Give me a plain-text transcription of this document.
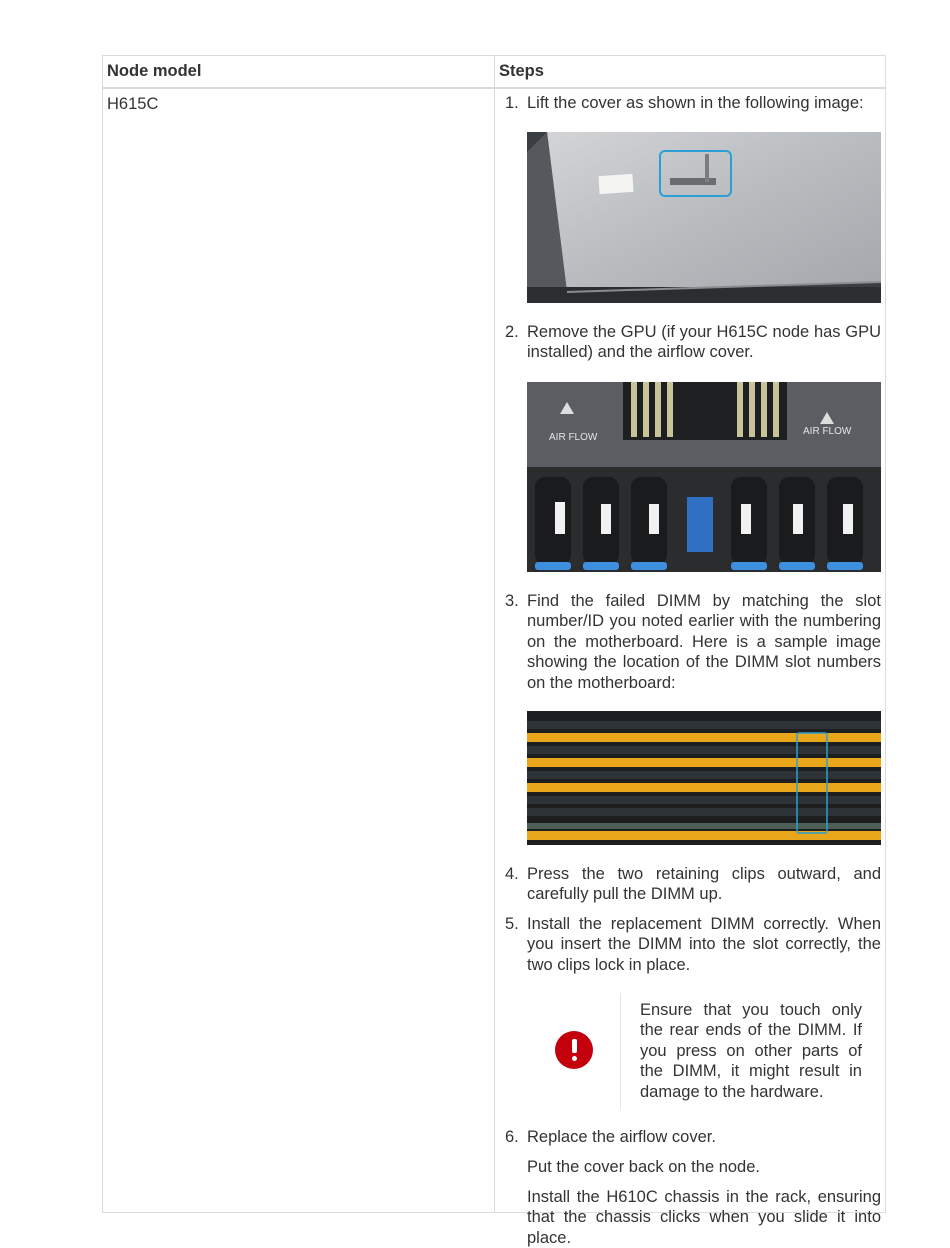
Node model	Steps
H615C	1. Lift the cover as shown in the following image:
2. Remove the GPU (if your H615C node has GPU installed) and the airflow cover.
AIR FLOW
AIR FLOW
3. Find the failed DIMM by matching the slot number/ID you noted earlier with the numbering on the motherboard. Here is a sample image showing the location of the DIMM slot numbers on the motherboard:
4. Press the two retaining clips outward, and carefully pull the DIMM up.
5. Install the replacement DIMM correctly. When you insert the DIMM into the slot correctly, the two clips lock in place.
Ensure that you touch only the rear ends of the DIMM. If you press on other parts of the DIMM, it might result in damage to the hardware.
6. Replace the airflow cover.
Put the cover back on the node.
Install the H610C chassis in the rack, ensuring that the chassis clicks when you slide it into place.
